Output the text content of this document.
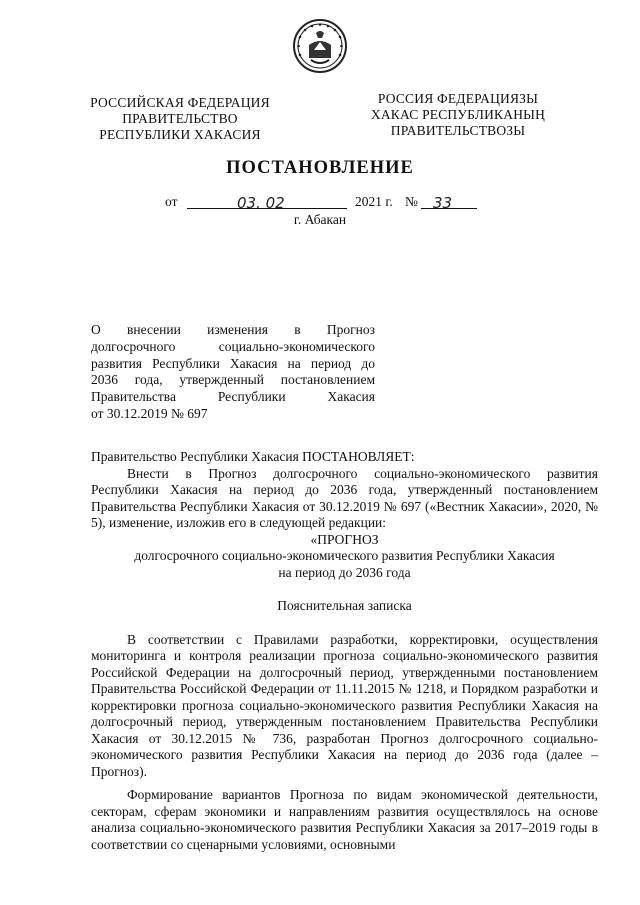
РОССИЙСКАЯ ФЕДЕРАЦИЯ
ПРАВИТЕЛЬСТВО
РЕСПУБЛИКИ ХАКАСИЯ
РОССИЯ ФЕДЕРАЦИЯЗЫ
ХАКАС РЕСПУБЛИКАНЫҢ
ПРАВИТЕЛЬСТВОЗЫ
ПОСТАНОВЛЕНИЕ
от	03. 02	2021 г. № 33
г. Абакан

О внесении изменения в Прогноз

долгосрочного социально-экономического

развития Республики Хакасия на период до

2036 года, утвержденный постановлением

Правительства Республики Хакасия

от 30.12.2019 № 697

Правительство Республики Хакасия ПОСТАНОВЛЯЕТ:

Внести в Прогноз долгосрочного социально-экономического развития Республики Хакасия на период до 2036 года, утвержденный постановлением Правительства Республики Хакасия от 30.12.2019 № 697 («Вестник Хакасии», 2020, № 5), изменение, изложив его в следующей редакции:

«ПРОГНОЗ

долгосрочного социально-экономического развития Республики Хакасия

на период до 2036 года

Пояснительная записка

В соответствии с Правилами разработки, корректировки, осуществления мониторинга и контроля реализации прогноза социально-экономического развития Российской Федерации на долгосрочный период, утвержденными постановлением Правительства Российской Федерации от 11.11.2015 № 1218, и Порядком разработки и корректировки прогноза социально-экономического развития Республики Хакасия на долгосрочный период, утвержденным постановлением Правительства Республики Хакасия от 30.12.2015 № 736, разработан Прогноз долгосрочного социально-экономического развития Республики Хакасия на период до 2036 года (далее – Прогноз).

Формирование вариантов Прогноза по видам экономической деятельности, секторам, сферам экономики и направлениям развития осуществлялось на основе анализа социально-экономического развития Республики Хакасия за 2017–2019 годы в соответствии со сценарными условиями, основными
